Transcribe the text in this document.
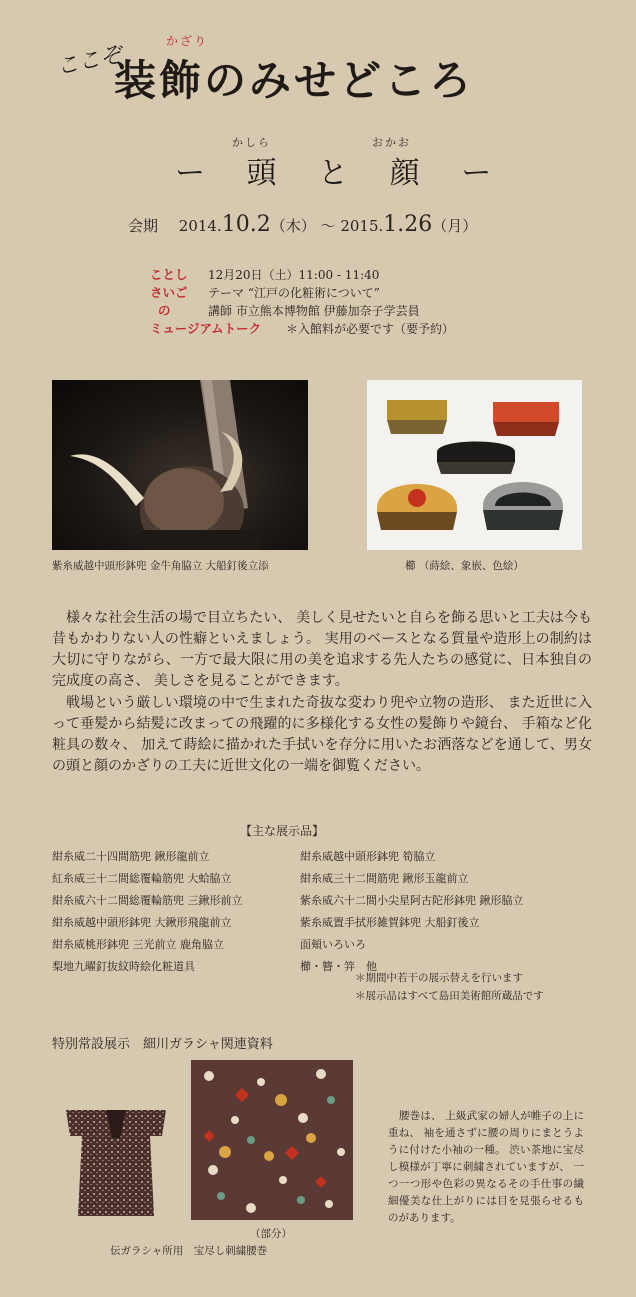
ここぞ
かざり
装飾のみせどころ
かしら	おかお
ー 頭 と 顔 ー
会期 2014.10.2（木） ～ 2015.1.26（月）
ことし
さいご
の
ミュージアムトーク
12月20日（土）11:00 - 11:40
テーマ “江戸の化粧術について”
講師 市立熊本博物館 伊藤加奈子学芸員
＊入館料が必要です（要予約）
紫糸威越中頭形鉢兜 金牛角脇立 大船釘後立添	櫛 （蒔絵、象嵌、色絵）
様々な社会生活の場で目立ちたい、 美しく見せたいと自らを飾る思いと工夫は今も昔もかわりない人の性癖といえましょう。 実用のベースとなる質量や造形上の制約は大切に守りながら、一方で最大限に用の美を追求する先人たちの感覚に、日本独自の完成度の高さ、 美しさを見ることができます。
戦場という厳しい環境の中で生まれた奇抜な変わり兜や立物の造形、 また近世に入って垂髪から結髪に改まっての飛躍的に多様化する女性の髪飾りや鏡台、 手箱など化粧具の数々、 加えて蒔絵に描かれた手拭いを存分に用いたお洒落などを通して、男女の頭と顔のかざりの工夫に近世文化の一端を御覧ください。
【主な展示品】
紺糸威二十四間筋兜 鍬形龍前立
紅糸威三十二間総覆輪筋兜 大蛤脇立
紺糸威六十二間総覆輪筋兜 三鍬形前立
紺糸威越中頭形鉢兜 大鍬形飛龍前立
紺糸威桃形鉢兜 三光前立 鹿角脇立
梨地九曜釘抜紋時絵化粧道具
紺糸威越中頭形鉢兜 筍脇立
紺糸威三十二間筋兜 鍬形玉龍前立
紫糸威六十二間小尖星阿古陀形鉢兜 鍬形脇立
紫糸威置手拭形雑賀鉢兜 大船釘後立
面頬いろいろ
櫛・簪・笄　他
＊期間中若干の展示替えを行います
＊展示品はすべて島田美術館所蔵品です
特別常設展示　細川ガラシャ関連資料
（部分）
伝ガラシャ所用　宝尽し刺繍腰巻
腰巻は、 上級武家の婦人が帷子の上に重ね、 袖を通さずに腰の周りにまとうように付けた小袖の一種。 渋い茶地に宝尽し模様が丁寧に刺繍されていますが、 一つ一つ形や色彩の異なるその手仕事の繊細優美な仕上がりには目を見張らせるものがあります。
